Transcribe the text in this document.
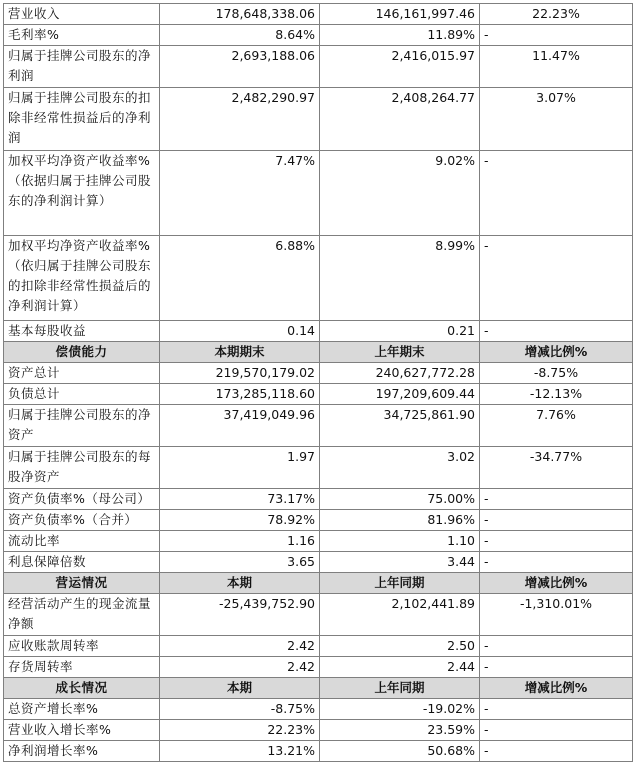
营业收入	178,648,338.06	146,161,997.46	22.23%
毛利率%	8.64%	11.89%	-
归属于挂牌公司股东的净利润	2,693,188.06	2,416,015.97	11.47%
归属于挂牌公司股东的扣除非经常性损益后的净利润	2,482,290.97	2,408,264.77	3.07%
加权平均净资产收益率%（依据归属于挂牌公司股东的净利润计算）	7.47%	9.02%	-
加权平均净资产收益率%（依归属于挂牌公司股东的扣除非经常性损益后的净利润计算）	6.88%	8.99%	-
基本每股收益	0.14	0.21	-
偿债能力	本期期末	上年期末	增减比例%
资产总计	219,570,179.02	240,627,772.28	-8.75%
负债总计	173,285,118.60	197,209,609.44	-12.13%
归属于挂牌公司股东的净资产	37,419,049.96	34,725,861.90	7.76%
归属于挂牌公司股东的每股净资产	1.97	3.02	-34.77%
资产负债率%（母公司）	73.17%	75.00%	-
资产负债率%（合并）	78.92%	81.96%	-
流动比率	1.16	1.10	-
利息保障倍数	3.65	3.44	-
营运情况	本期	上年同期	增减比例%
经营活动产生的现金流量净额	-25,439,752.90	2,102,441.89	-1,310.01%
应收账款周转率	2.42	2.50	-
存货周转率	2.42	2.44	-
成长情况	本期	上年同期	增减比例%
总资产增长率%	-8.75%	-19.02%	-
营业收入增长率%	22.23%	23.59%	-
净利润增长率%	13.21%	50.68%	-
